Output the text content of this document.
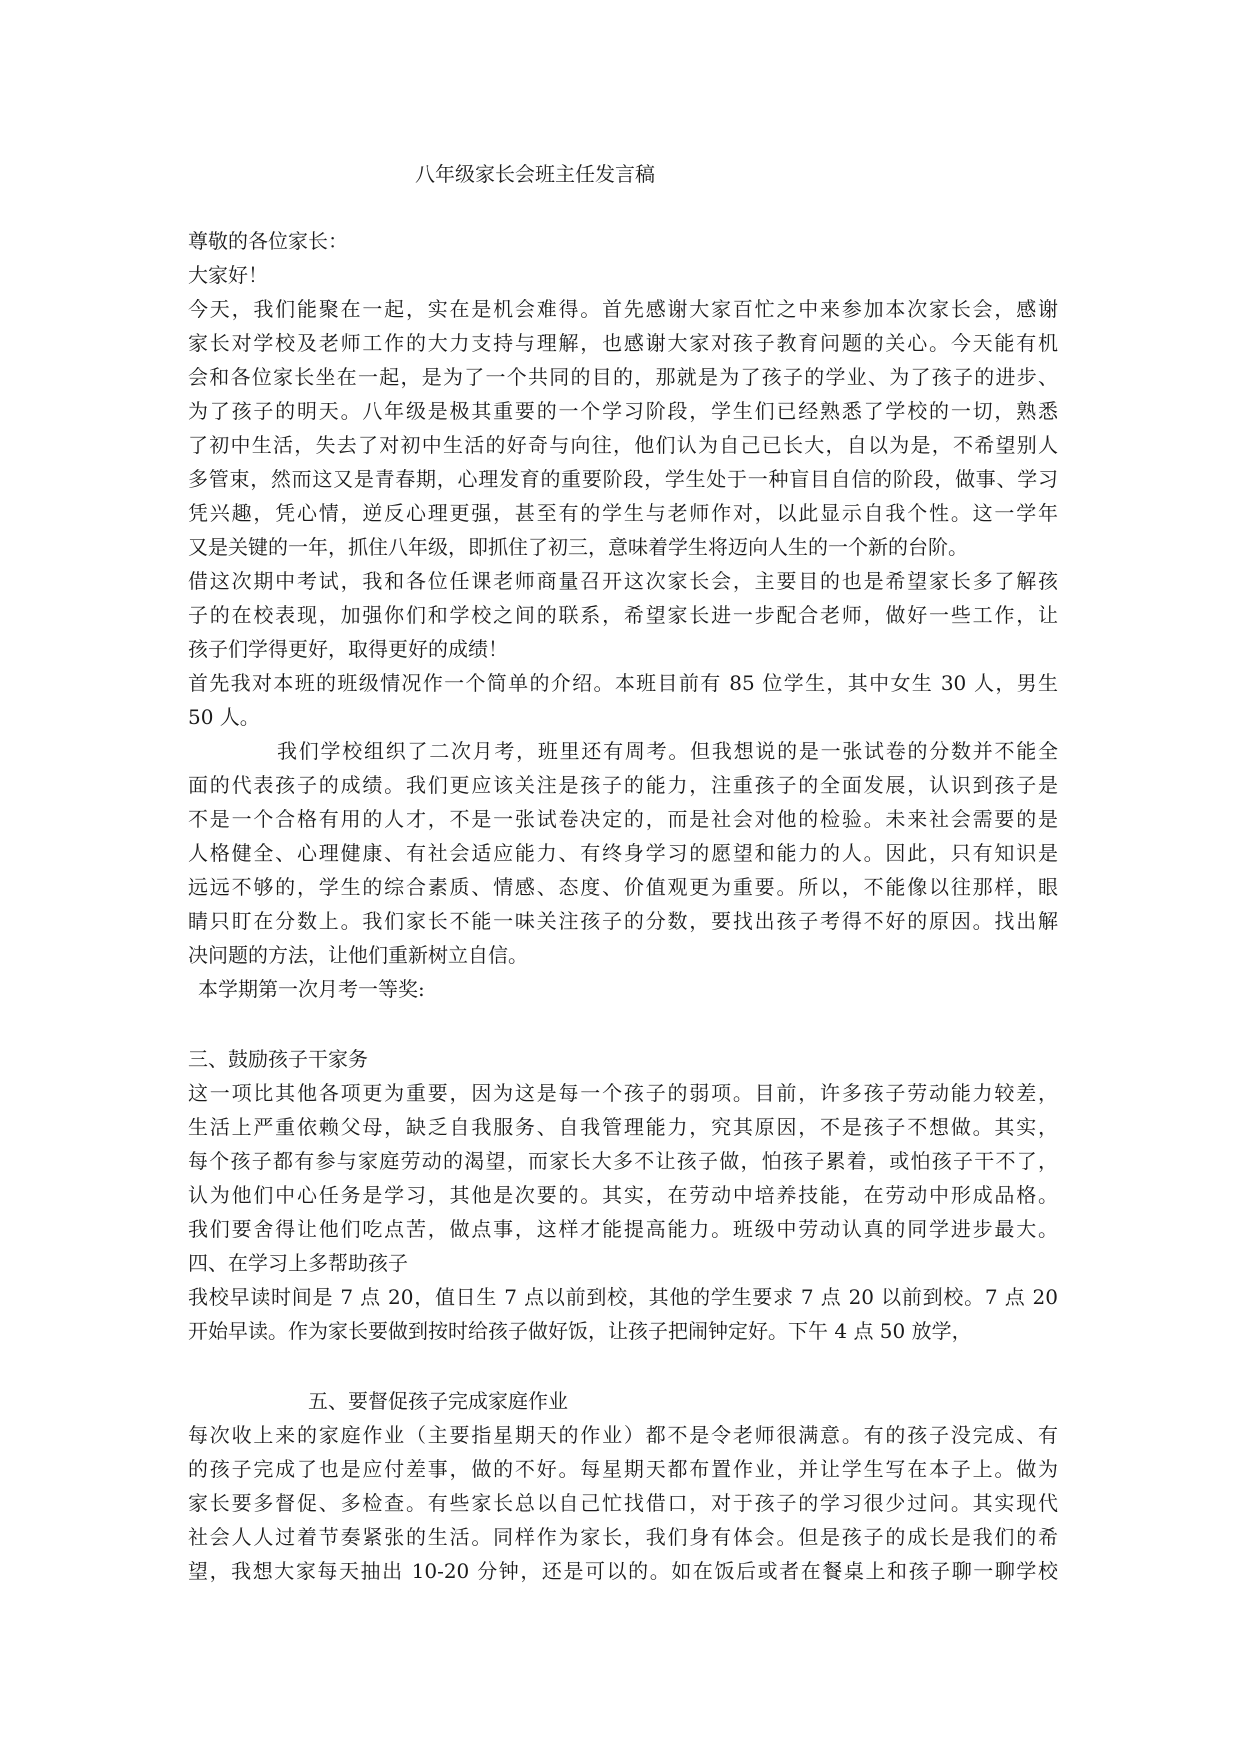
八年级家长会班主任发言稿
尊敬的各位家长：
大家好！
今天，我们能聚在一起，实在是机会难得。首先感谢大家百忙之中来参加本次家长会，感谢
家长对学校及老师工作的大力支持与理解，也感谢大家对孩子教育问题的关心。今天能有机
会和各位家长坐在一起，是为了一个共同的目的，那就是为了孩子的学业、为了孩子的进步、
为了孩子的明天。八年级是极其重要的一个学习阶段，学生们已经熟悉了学校的一切，熟悉
了初中生活，失去了对初中生活的好奇与向往，他们认为自己已长大，自以为是，不希望别人
多管束，然而这又是青春期，心理发育的重要阶段，学生处于一种盲目自信的阶段，做事、学习
凭兴趣，凭心情，逆反心理更强，甚至有的学生与老师作对，以此显示自我个性。这一学年
又是关键的一年，抓住八年级，即抓住了初三，意味着学生将迈向人生的一个新的台阶。
借这次期中考试，我和各位任课老师商量召开这次家长会，主要目的也是希望家长多了解孩
子的在校表现，加强你们和学校之间的联系，希望家长进一步配合老师，做好一些工作，让
孩子们学得更好，取得更好的成绩！
首先我对本班的班级情况作一个简单的介绍。本班目前有 85 位学生，其中女生 30 人，男生
50 人。
我们学校组织了二次月考，班里还有周考。但我想说的是一张试卷的分数并不能全
面的代表孩子的成绩。我们更应该关注是孩子的能力，注重孩子的全面发展，认识到孩子是
不是一个合格有用的人才，不是一张试卷决定的，而是社会对他的检验。未来社会需要的是
人格健全、心理健康、有社会适应能力、有终身学习的愿望和能力的人。因此，只有知识是
远远不够的，学生的综合素质、情感、态度、价值观更为重要。所以，不能像以往那样，眼
睛只盯在分数上。我们家长不能一味关注孩子的分数，要找出孩子考得不好的原因。找出解
决问题的方法，让他们重新树立自信。
本学期第一次月考一等奖:
三、鼓励孩子干家务
这一项比其他各项更为重要，因为这是每一个孩子的弱项。目前，许多孩子劳动能力较差，
生活上严重依赖父母，缺乏自我服务、自我管理能力，究其原因，不是孩子不想做。其实，
每个孩子都有参与家庭劳动的渴望，而家长大多不让孩子做，怕孩子累着，或怕孩子干不了，
认为他们中心任务是学习，其他是次要的。其实，在劳动中培养技能，在劳动中形成品格。
我们要舍得让他们吃点苦，做点事，这样才能提高能力。班级中劳动认真的同学进步最大。
四、在学习上多帮助孩子
我校早读时间是 7 点 20，值日生 7 点以前到校，其他的学生要求 7 点 20 以前到校。7 点 20
开始早读。作为家长要做到按时给孩子做好饭，让孩子把闹钟定好。下午 4 点 50 放学，
五、要督促孩子完成家庭作业
每次收上来的家庭作业（主要指星期天的作业）都不是令老师很满意。有的孩子没完成、有
的孩子完成了也是应付差事，做的不好。每星期天都布置作业，并让学生写在本子上。做为
家长要多督促、多检查。有些家长总以自己忙找借口，对于孩子的学习很少过问。其实现代
社会人人过着节奏紧张的生活。同样作为家长，我们身有体会。但是孩子的成长是我们的希
望，我想大家每天抽出 10-20 分钟，还是可以的。如在饭后或者在餐桌上和孩子聊一聊学校
